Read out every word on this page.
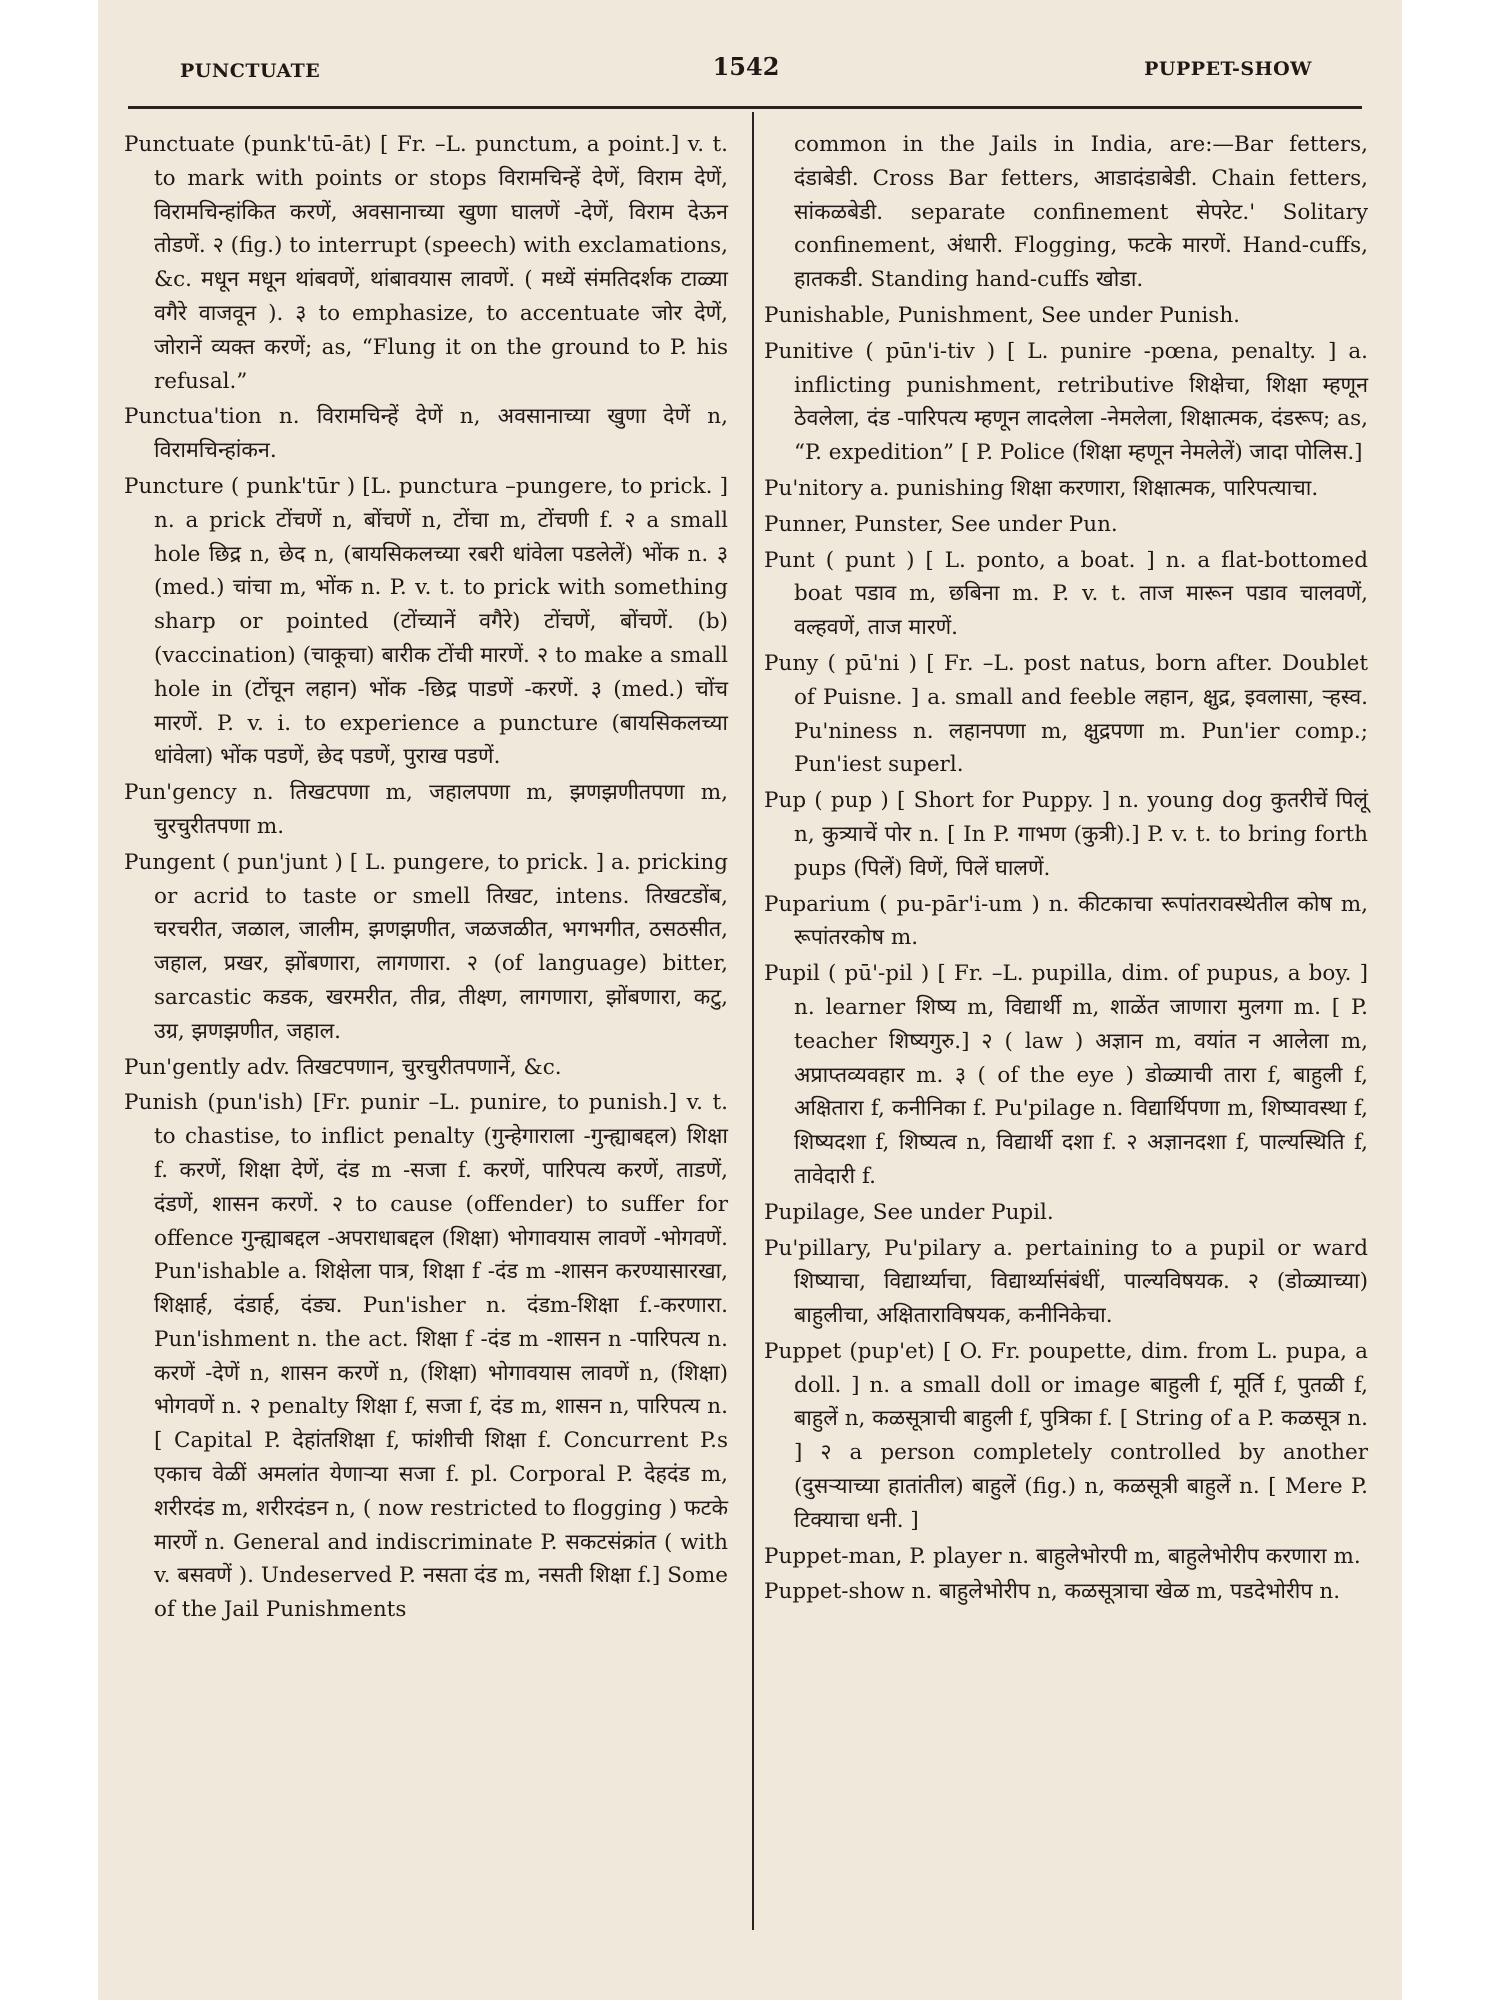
PUNCTUATE	1542	PUPPET-SHOW

Punctuate (punk'tū-āt) [ Fr. –L. punctum, a point.] v. t. to mark with points or stops विरामचिन्हें देणें, विराम देणें, विरामचिन्हांकित करणें, अवसानाच्या खुणा घालणें -देणें, विराम देऊन तोडणें. २ (fig.) to interrupt (speech) with exclamations, &c. मधून मधून थांबवणें, थांबावयास लावणें. ( मध्यें संमतिदर्शक टाळ्या वगैरे वाजवून ). ३ to emphasize, to accentuate जोर देणें, जोरानें व्यक्त करणें; as, “Flung it on the ground to P. his refusal.”

Punctua'tion n. विरामचिन्हें देणें n, अवसानाच्या खुणा देणें n, विरामचिन्हांकन.

Puncture ( punk'tūr ) [L. punctura –pungere, to prick. ] n. a prick टोंचणें n, बोंचणें n, टोंचा m, टोंचणी f. २ a small hole छिद्र n, छेद n, (बायसिकलच्या रबरी धांवेला पडलेलें) भोंक n. ३ (med.) चांचा m, भोंक n. P. v. t. to prick with something sharp or pointed (टोंच्यानें वगैरे) टोंचणें, बोंचणें. (b) (vaccination) (चाकूचा) बारीक टोंची मारणें. २ to make a small hole in (टोंचून लहान) भोंक -छिद्र पाडणें -करणें. ३ (med.) चोंच मारणें. P. v. i. to experience a puncture (बायसिकलच्या धांवेला) भोंक पडणें, छेद पडणें, पुराख पडणें.

Pun'gency n. तिखटपणा m, जहालपणा m, झणझणीतपणा m, चुरचुरीतपणा m.

Pungent ( pun'junt ) [ L. pungere, to prick. ] a. pricking or acrid to taste or smell तिखट, intens. तिखटडोंब, चरचरीत, जळाल, जालीम, झणझणीत, जळजळीत, भगभगीत, ठसठसीत, जहाल, प्रखर, झोंबणारा, लागणारा. २ (of language) bitter, sarcastic कडक, खरमरीत, तीव्र, तीक्ष्ण, लागणारा, झोंबणारा, कटु, उग्र, झणझणीत, जहाल.

Pun'gently adv. तिखटपणान, चुरचुरीतपणानें, &c.

Punish (pun'ish) [Fr. punir –L. punire, to punish.] v. t. to chastise, to inflict penalty (गुन्हेगाराला -गुन्ह्याबद्दल) शिक्षा f. करणें, शिक्षा देणें, दंड m -सजा f. करणें, पारिपत्य करणें, ताडणें, दंडणें, शासन करणें. २ to cause (offender) to suffer for offence गुन्ह्याबद्दल -अपराधाबद्दल (शिक्षा) भोगावयास लावणें -भोगवणें. Pun'ishable a. शिक्षेला पात्र, शिक्षा f -दंड m -शासन करण्यासारखा, शिक्षार्ह, दंडार्ह, दंड्य. Pun'isher n. दंडm-शिक्षा f.-करणारा. Pun'ishment n. the act. शिक्षा f -दंड m -शासन n -पारिपत्य n. करणें -देणें n, शासन करणें n, (शिक्षा) भोगावयास लावणें n, (शिक्षा) भोगवणें n. २ penalty शिक्षा f, सजा f, दंड m, शासन n, पारिपत्य n. [ Capital P. देहांतशिक्षा f, फांशीची शिक्षा f. Concurrent P.s एकाच वेळीं अमलांत येणाऱ्या सजा f. pl. Corporal P. देहदंड m, शरीरदंड m, शरीरदंडन n, ( now restricted to flogging ) फटके मारणें n. General and indiscriminate P. सकटसंक्रांत ( with v. बसवणें ). Undeserved P. नसता दंड m, नसती शिक्षा f.] Some of the Jail Punishments

common in the Jails in India, are:—Bar fetters, दंडाबेडी. Cross Bar fetters, आडादंडाबेडी. Chain fetters, सांकळबेडी. separate confinement सेपरेट.' Solitary confinement, अंधारी. Flogging, फटके मारणें. Hand-cuffs, हातकडी. Standing hand-cuffs खोडा.

Punishable, Punishment, See under Punish.

Punitive ( pūn'i-tiv ) [ L. punire -pœna, penalty. ] a. inflicting punishment, retributive शिक्षेचा, शिक्षा म्हणून ठेवलेला, दंड -पारिपत्य म्हणून लादलेला -नेमलेला, शिक्षात्मक, दंडरूप; as, “P. expedition” [ P. Police (शिक्षा म्हणून नेमलेलें) जादा पोलिस.]

Pu'nitory a. punishing शिक्षा करणारा, शिक्षात्मक, पारिपत्याचा.

Punner, Punster, See under Pun.

Punt ( punt ) [ L. ponto, a boat. ] n. a flat-bottomed boat पडाव m, छबिना m. P. v. t. ताज मारून पडाव चालवणें, वल्हवणें, ताज मारणें.

Puny ( pū'ni ) [ Fr. –L. post natus, born after. Doublet of Puisne. ] a. small and feeble लहान, क्षुद्र, इवलासा, ऱ्हस्व. Pu'niness n. लहानपणा m, क्षुद्रपणा m. Pun'ier comp.; Pun'iest superl.

Pup ( pup ) [ Short for Puppy. ] n. young dog कुतरीचें पिलूं n, कुत्र्याचें पोर n. [ In P. गाभण (कुत्री).] P. v. t. to bring forth pups (पिलें) विणें, पिलें घालणें.

Puparium ( pu-pār'i-um ) n. कीटकाचा रूपांतरावस्थेतील कोष m, रूपांतरकोष m.

Pupil ( pū'-pil ) [ Fr. –L. pupilla, dim. of pupus, a boy. ] n. learner शिष्य m, विद्यार्थी m, शाळेंत जाणारा मुलगा m. [ P. teacher शिष्यगुरु.] २ ( law ) अज्ञान m, वयांत न आलेला m, अप्राप्तव्यवहार m. ३ ( of the eye ) डोळ्याची तारा f, बाहुली f, अक्षितारा f, कनीनिका f. Pu'pilage n. विद्यार्थिपणा m, शिष्यावस्था f, शिष्यदशा f, शिष्यत्व n, विद्यार्थी दशा f. २ अज्ञानदशा f, पाल्यस्थिति f, तावेदारी f.

Pupilage, See under Pupil.

Pu'pillary, Pu'pilary a. pertaining to a pupil or ward शिष्याचा, विद्यार्थ्याचा, विद्यार्थ्यासंबंधीं, पाल्यविषयक. २ (डोळ्याच्या) बाहुलीचा, अक्षिताराविषयक, कनीनिकेचा.

Puppet (pup'et) [ O. Fr. poupette, dim. from L. pupa, a doll. ] n. a small doll or image बाहुली f, मूर्ति f, पुतळी f, बाहुलें n, कळसूत्राची बाहुली f, पुत्रिका f. [ String of a P. कळसूत्र n. ] २ a person completely controlled by another (दुसऱ्याच्या हातांतील) बाहुलें (fig.) n, कळसूत्री बाहुलें n. [ Mere P. टिक्याचा धनी. ]

Puppet-man, P. player n. बाहुलेभोरपी m, बाहुलेभोरीप करणारा m.

Puppet-show n. बाहुलेभोरीप n, कळसूत्राचा खेळ m, पडदेभोरीप n.
